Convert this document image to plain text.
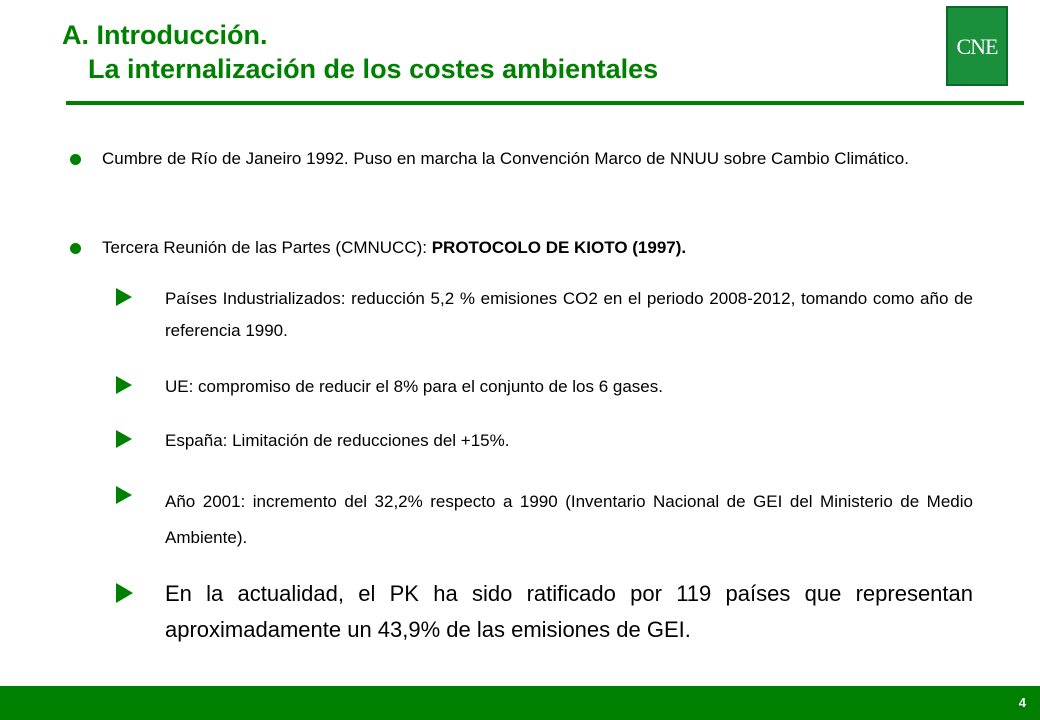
A. Introducción.
La internalización de los costes ambientales
CNE
Cumbre de Río de Janeiro 1992. Puso en marcha la Convención Marco de NNUU sobre Cambio Climático.
Tercera Reunión de las Partes (CMNUCC): PROTOCOLO DE KIOTO (1997).
Países Industrializados: reducción 5,2 % emisiones CO2 en el periodo 2008-2012, tomando como año de referencia 1990.
UE: compromiso de reducir el 8% para el conjunto de los 6 gases.
España: Limitación de reducciones del +15%.
Año 2001: incremento del 32,2% respecto a 1990 (Inventario Nacional de GEI del Ministerio de Medio Ambiente).
En la actualidad, el PK ha sido ratificado por 119 países que representan aproximadamente un 43,9% de las emisiones de GEI.
4
